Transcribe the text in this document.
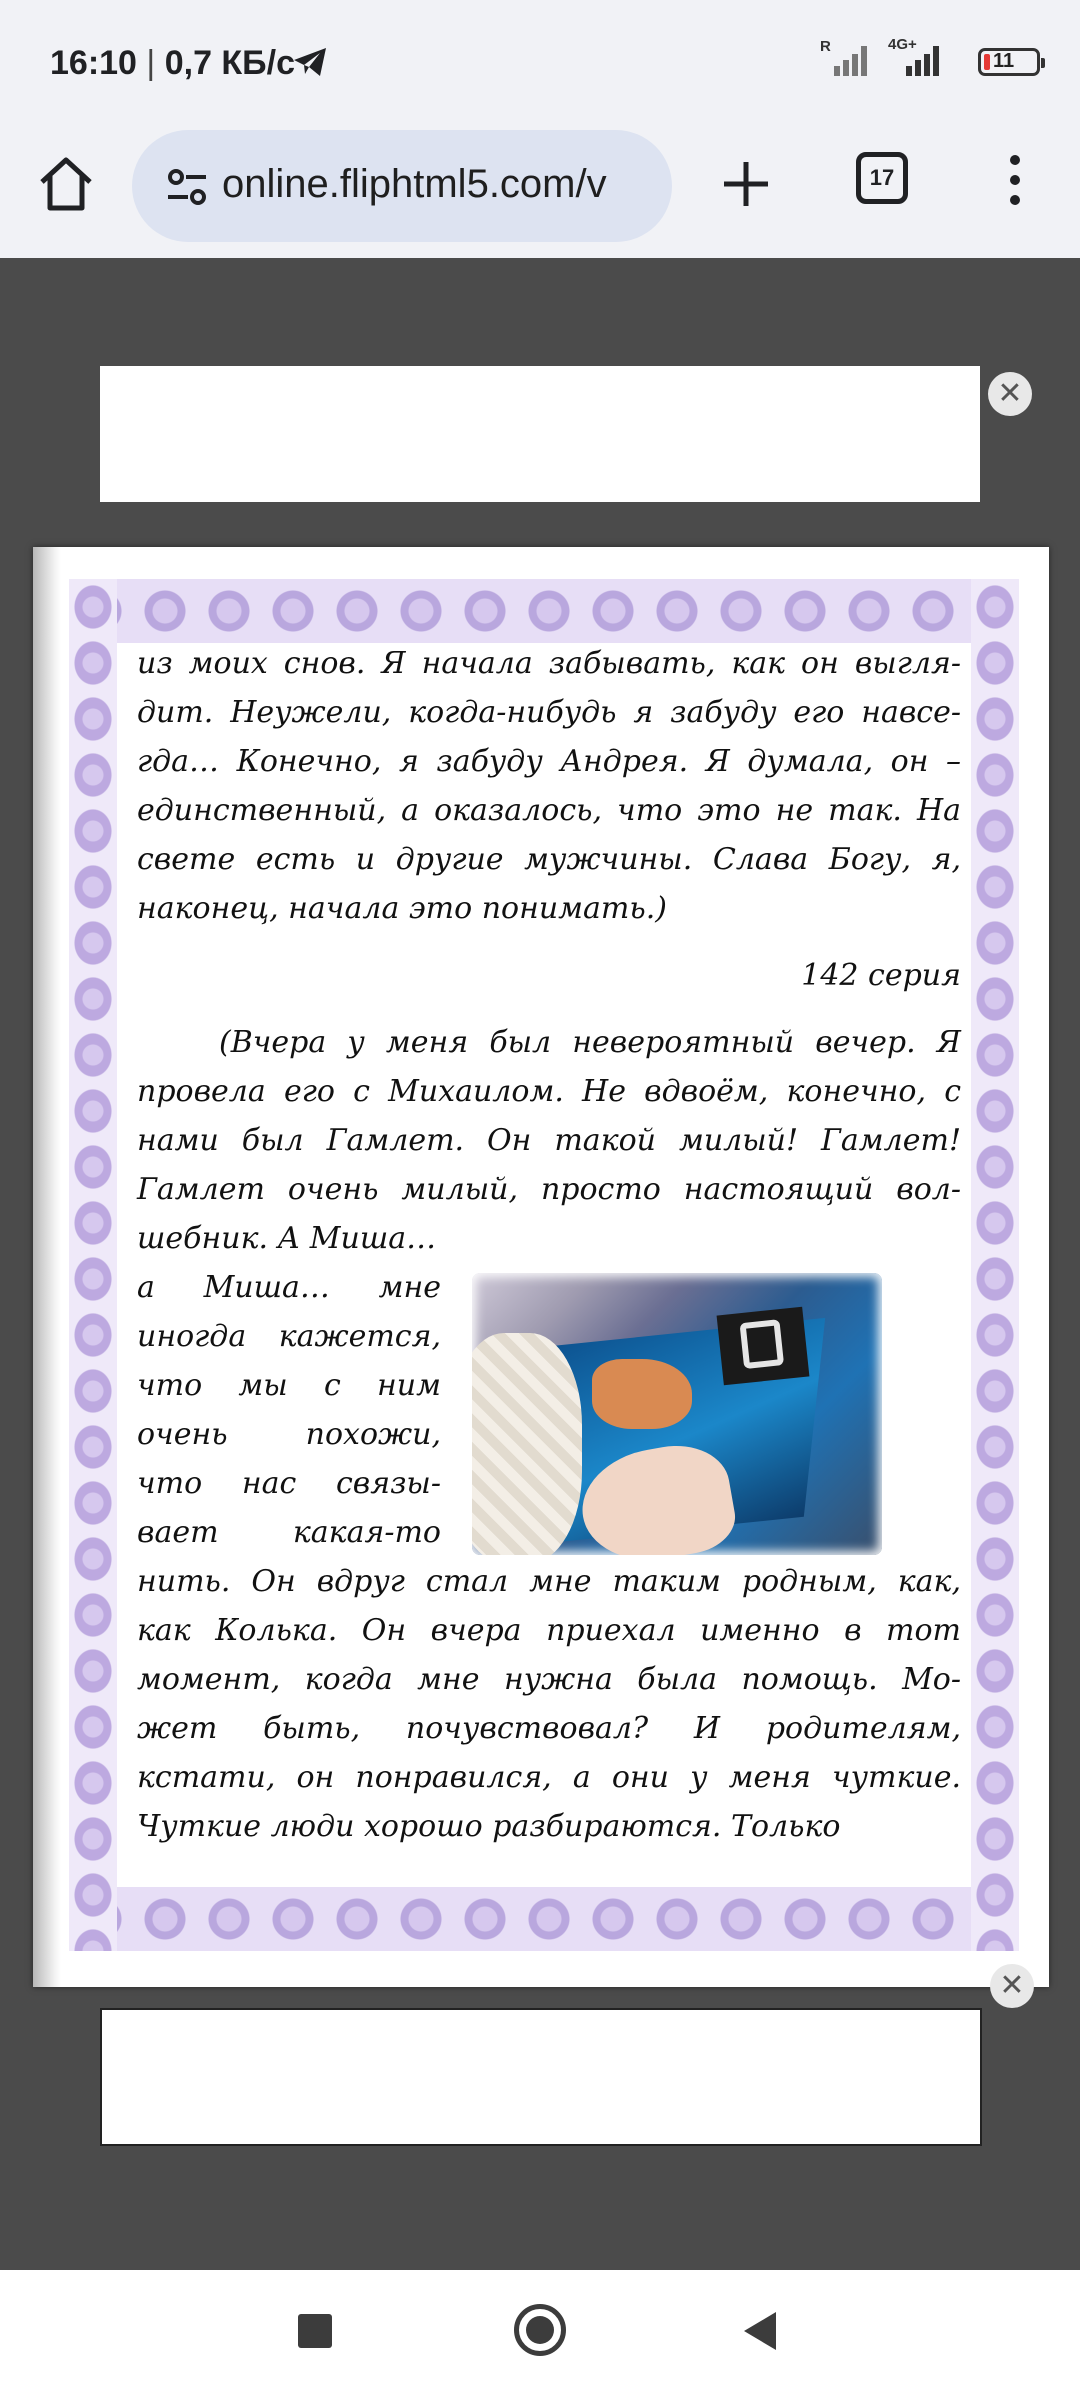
16:10 | 0,7 КБ/с	R	4G+
11
online.fliphtml5.com/v	17
✕
из моих снов. Я начала забывать, как он выгля-
дит. Неужели, когда-нибудь я забуду его навсе-
гда… Конечно, я забуду Андрея. Я думала, он –
единственный, а оказалось, что это не так. На
свете есть и другие мужчины. Слава Богу, я,
наконец, начала это понимать.)
142 серия
(Вчера у меня был невероятный вечер. Я
провела его с Михаилом. Не вдвоём, конечно, с
нами был Гамлет. Он такой милый! Гамлет!
Гамлет очень милый, просто настоящий вол-
шебник. А Миша…
а Миша… мне
иногда кажется,
что мы с ним
очень похожи,
что нас связы-
вает какая-то
нить. Он вдруг стал мне таким родным, как,
как Колька. Он вчера приехал именно в тот
момент, когда мне нужна была помощь. Мо-
жет быть, почувствовал? И родителям,
кстати, он понравился, а они у меня чуткие.
Чуткие люди хорошо разбираются. Только
✕
